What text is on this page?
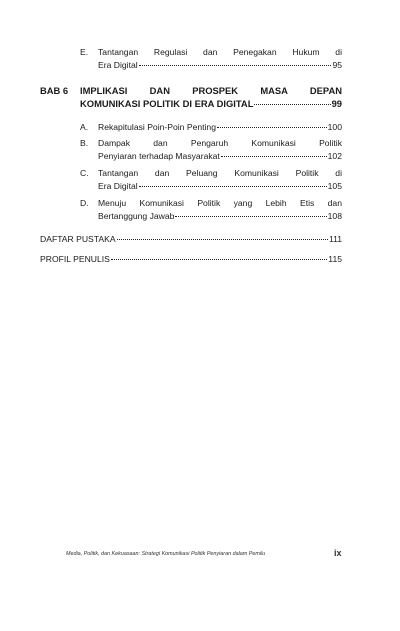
E. Tantangan Regulasi dan Penegakan Hukum di
Era Digital	95
BAB 6 IMPLIKASI DAN PROSPEK MASA DEPAN
KOMUNIKASI POLITIK DI ERA DIGITAL	99
A. Rekapitulasi Poin-Poin Penting	100
B. Dampak dan Pengaruh Komunikasi Politik
Penyiaran terhadap Masyarakat	102
C. Tantangan dan Peluang Komunikasi Politik di
Era Digital	105
D. Menuju Komunikasi Politik yang Lebih Etis dan
Bertanggung Jawab	108
DAFTAR PUSTAKA	111
PROFIL PENULIS	115
Media, Politik, dan Kekuasaan: Strategi Komunikasi Politik Penyiaran dalam Pemilu	ix
